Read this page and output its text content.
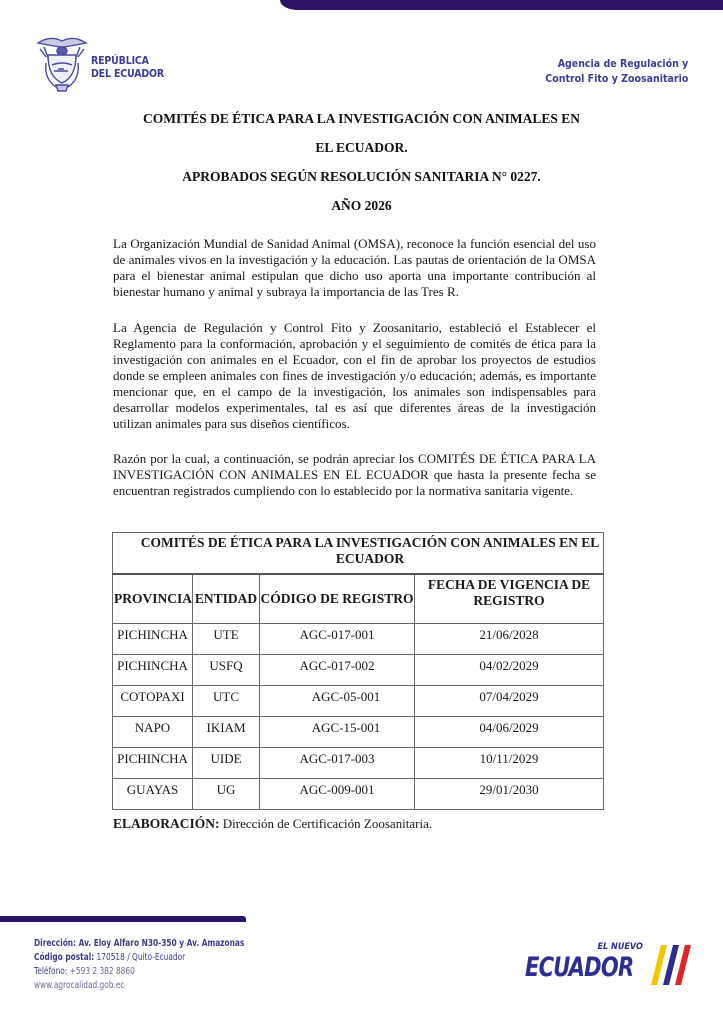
REPÚBLICA
DEL ECUADOR
Agencia de Regulación y
Control Fito y Zoosanitario
COMITÉS DE ÉTICA PARA LA INVESTIGACIÓN CON ANIMALES EN
EL ECUADOR.
APROBADOS SEGÚN RESOLUCIÓN SANITARIA N° 0227.
AÑO 2026

La Organización Mundial de Sanidad Animal (OMSA), reconoce la función esencial del uso de animales vivos en la investigación y la educación. Las pautas de orientación de la OMSA para el bienestar animal estipulan que dicho uso aporta una importante contribución al bienestar humano y animal y subraya la importancia de las Tres R.

La Agencia de Regulación y Control Fito y Zoosanitario, estableció el Establecer el Reglamento para la conformación, aprobación y el seguimiento de comités de ética para la investigación con animales en el Ecuador, con el fin de aprobar los proyectos de estudios donde se empleen animales con fines de investigación y/o educación; además, es importante mencionar que, en el campo de la investigación, los animales son indispensables para desarrollar modelos experimentales, tal es así que diferentes áreas de la investigación utilizan animales para sus diseños científicos.

Razón por la cual, a continuación, se podrán apreciar los COMITÉS DE ÉTICA PARA LA INVESTIGACIÓN CON ANIMALES EN EL ECUADOR que hasta la presente fecha se encuentran registrados cumpliendo con lo establecido por la normativa sanitaria vigente.

COMITÉS DE ÉTICA PARA LA INVESTIGACIÓN CON ANIMALES EN EL ECUADOR			
PROVINCIA	ENTIDAD	CÓDIGO DE REGISTRO	FECHA DE VIGENCIA DE REGISTRO
PICHINCHA	UTE	AGC-017-001	21/06/2028
PICHINCHA	USFQ	AGC-017-002	04/02/2029
COTOPAXI	UTC	AGC-05-001	07/04/2029
NAPO	IKIAM	AGC-15-001	04/06/2029
PICHINCHA	UIDE	AGC-017-003	10/11/2029
GUAYAS	UG	AGC-009-001	29/01/2030
ELABORACIÓN: Dirección de Certificación Zoosanitaria.
Dirección: Av. Eloy Alfaro N30-350 y Av. Amazonas
Código postal: 170518 / Quito-Ecuador
Teléfono: +593 2 382 8860
www.agrocalidad.gob.ec
EL NUEVO
ECUADOR
